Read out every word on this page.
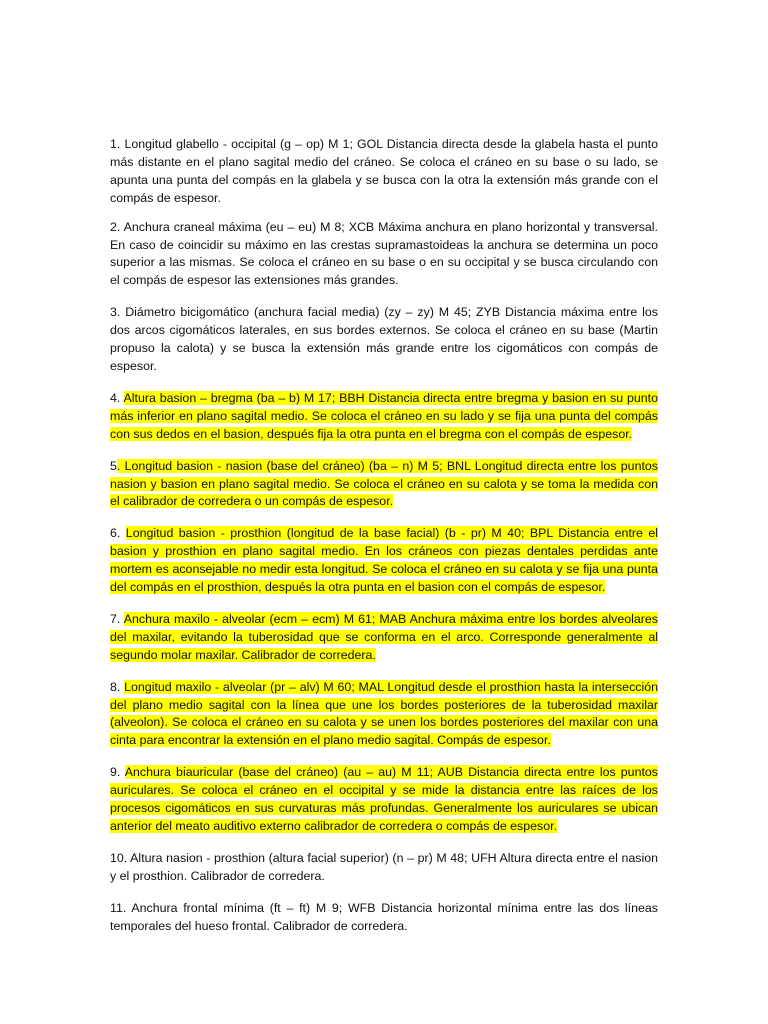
1. Longitud glabello - occipital (g – op) M 1; GOL Distancia directa desde la glabela hasta el punto más distante en el plano sagital medio del cráneo. Se coloca el cráneo en su base o su lado, se apunta una punta del compás en la glabela y se busca con la otra la extensión más grande con el compás de espesor.

2. Anchura craneal máxima (eu – eu) M 8; XCB Máxima anchura en plano horizontal y transversal. En caso de coincidir su máximo en las crestas supramastoideas la anchura se determina un poco superior a las mismas. Se coloca el cráneo en su base o en su occipital y se busca circulando con el compás de espesor las extensiones más grandes.

3. Diámetro bicigomático (anchura facial media) (zy – zy) M 45; ZYB Distancia máxima entre los dos arcos cigomáticos laterales, en sus bordes externos. Se coloca el cráneo en su base (Martin propuso la calota) y se busca la extensión más grande entre los cigomáticos con compás de espesor.

4. Altura basion – bregma (ba – b) M 17; BBH Distancia directa entre bregma y basion en su punto más inferior en plano sagital medio. Se coloca el cráneo en su lado y se fija una punta del compás con sus dedos en el basion, después fija la otra punta en el bregma con el compás de espesor.

5. Longitud basion - nasion (base del cráneo) (ba – n) M 5; BNL Longitud directa entre los puntos nasion y basion en plano sagital medio. Se coloca el cráneo en su calota y se toma la medida con el calibrador de corredera o un compás de espesor.

6. Longitud basion - prosthion (longitud de la base facial) (b - pr) M 40; BPL Distancia entre el basion y prosthion en plano sagital medio. En los cráneos con piezas dentales perdidas ante mortem es aconsejable no medir esta longitud. Se coloca el cráneo en su calota y se fija una punta del compás en el prosthion, después la otra punta en el basion con el compás de espesor.

7. Anchura maxilo - alveolar (ecm – ecm) M 61; MAB Anchura máxima entre los bordes alveolares del maxilar, evitando la tuberosidad que se conforma en el arco. Corresponde generalmente al segundo molar maxilar. Calibrador de corredera.

8. Longitud maxilo - alveolar (pr – alv) M 60; MAL Longitud desde el prosthion hasta la intersección del plano medio sagital con la línea que une los bordes posteriores de la tuberosidad maxilar (alveolon). Se coloca el cráneo en su calota y se unen los bordes posteriores del maxilar con una cinta para encontrar la extensión en el plano medio sagital. Compás de espesor.

9. Anchura biauricular (base del cráneo) (au – au) M 11; AUB Distancia directa entre los puntos auriculares. Se coloca el cráneo en el occipital y se mide la distancia entre las raíces de los procesos cigomáticos en sus curvaturas más profundas. Generalmente los auriculares se ubican anterior del meato auditivo externo calibrador de corredera o compás de espesor.

10. Altura nasion - prosthion (altura facial superior) (n – pr) M 48; UFH Altura directa entre el nasion y el prosthion. Calibrador de corredera.

11. Anchura frontal mínima (ft – ft) M 9; WFB Distancia horizontal mínima entre las dos líneas temporales del hueso frontal. Calibrador de corredera.
